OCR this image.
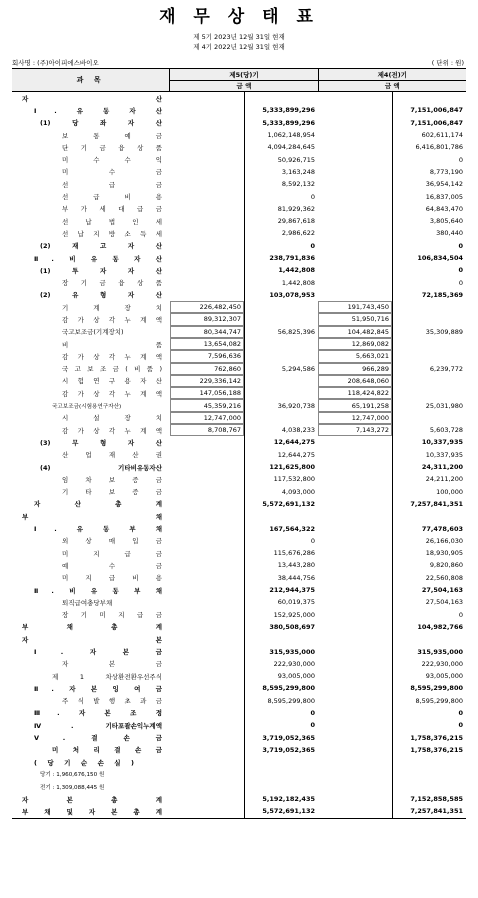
재 무 상 태 표
제 5기 2023년 12월 31일 현재
제 4기 2022년 12월 31일 현재
회사명 : (주)아이피에스바이오	( 단위 : 원)
과 목
제5(당)기
금 액
제4(전)기
금 액
자 산
Ⅰ. 유 동 자 산	5,333,899,296	7,151,006,847
(1) 당 좌 자 산	5,333,899,296	7,151,006,847
보 통 예 금	1,062,148,954	602,611,174
단 기 금 융 상 품	4,094,284,645	6,416,801,786
미 수 수 익	50,926,715	0
미 수 금	3,163,248	8,773,190
선 급 금	8,592,132	36,954,142
선 급 비 용	0	16,837,005
부 가 세 대 급 금	81,929,362	64,843,470
선 납 법 인 세	29,867,618	3,805,640
선 납 지 방 소 득 세	2,986,622	380,440
(2) 재 고 자 산	0	0
Ⅱ. 비 유 동 자 산	238,791,836	106,834,504
(1) 투 자 자 산	1,442,808	0
장 기 금 융 상 품	1,442,808	0
(2) 유 형 자 산	103,078,953	72,185,369
기 계 장 치	226,482,450	191,743,450
감 가 상 각 누 계 액	89,312,307	51,950,716
국고보조금(기계장치)	80,344,747	56,825,396	104,482,845	35,309,889
비 품	13,654,082	12,869,082
감 가 상 각 누 계 액	7,596,636	5,663,021
국 고 보 조 금 ( 비 품 )	762,860	5,294,586	966,289	6,239,772
시 험 연 구 용 자 산	229,336,142	208,648,060
감 가 상 각 누 계 액	147,056,188	118,424,822
국고보조금(시험용연구자산)	45,359,216	36,920,738	65,191,258	25,031,980
시 설 장 치	12,747,000	12,747,000
감 가 상 각 누 계 액	8,708,767	4,038,233	7,143,272	5,603,728
(3) 무 형 자 산	12,644,275	10,337,935
산 업 재 산 권	12,644,275	10,337,935
(4) 기타비유동자산	121,625,800	24,311,200
임 차 보 증 금	117,532,800	24,211,200
기 타 보 증 금	4,093,000	100,000
자 산 총 계	5,572,691,132	7,257,841,351
부 채
Ⅰ. 유 동 부 채	167,564,322	77,478,603
외 상 매 입 금	0	26,166,030
미 지 급 금	115,676,286	18,930,905
예 수 금	13,443,280	9,820,860
미 지 급 비 용	38,444,756	22,560,808
Ⅱ. 비 유 동 부 채	212,944,375	27,504,163
퇴직급여충당부채	60,019,375	27,504,163
장 기 미 지 급 금	152,925,000	0
부 채 총 계	380,508,697	104,982,766
자 본
Ⅰ. 자 본 금	315,935,000	315,935,000
자 본 금	222,930,000	222,930,000
제 1 차상환전환우선주식	93,005,000	93,005,000
Ⅱ. 자 본 잉 여 금	8,595,299,800	8,595,299,800
주 식 발 행 초 과 금	8,595,299,800	8,595,299,800
Ⅲ. 자 본 조 정	0	0
Ⅳ. 기타포괄손익누계액	0	0
Ⅴ. 결 손 금	3,719,052,365	1,758,376,215
미 처 리 결 손 금	3,719,052,365	1,758,376,215
( 당 기 순 손 실 )
당기 : 1,960,676,150 원
전기 : 1,309,088,445 원
자 본 총 계	5,192,182,435	7,152,858,585
부 채 및 자 본 총 계	5,572,691,132	7,257,841,351
